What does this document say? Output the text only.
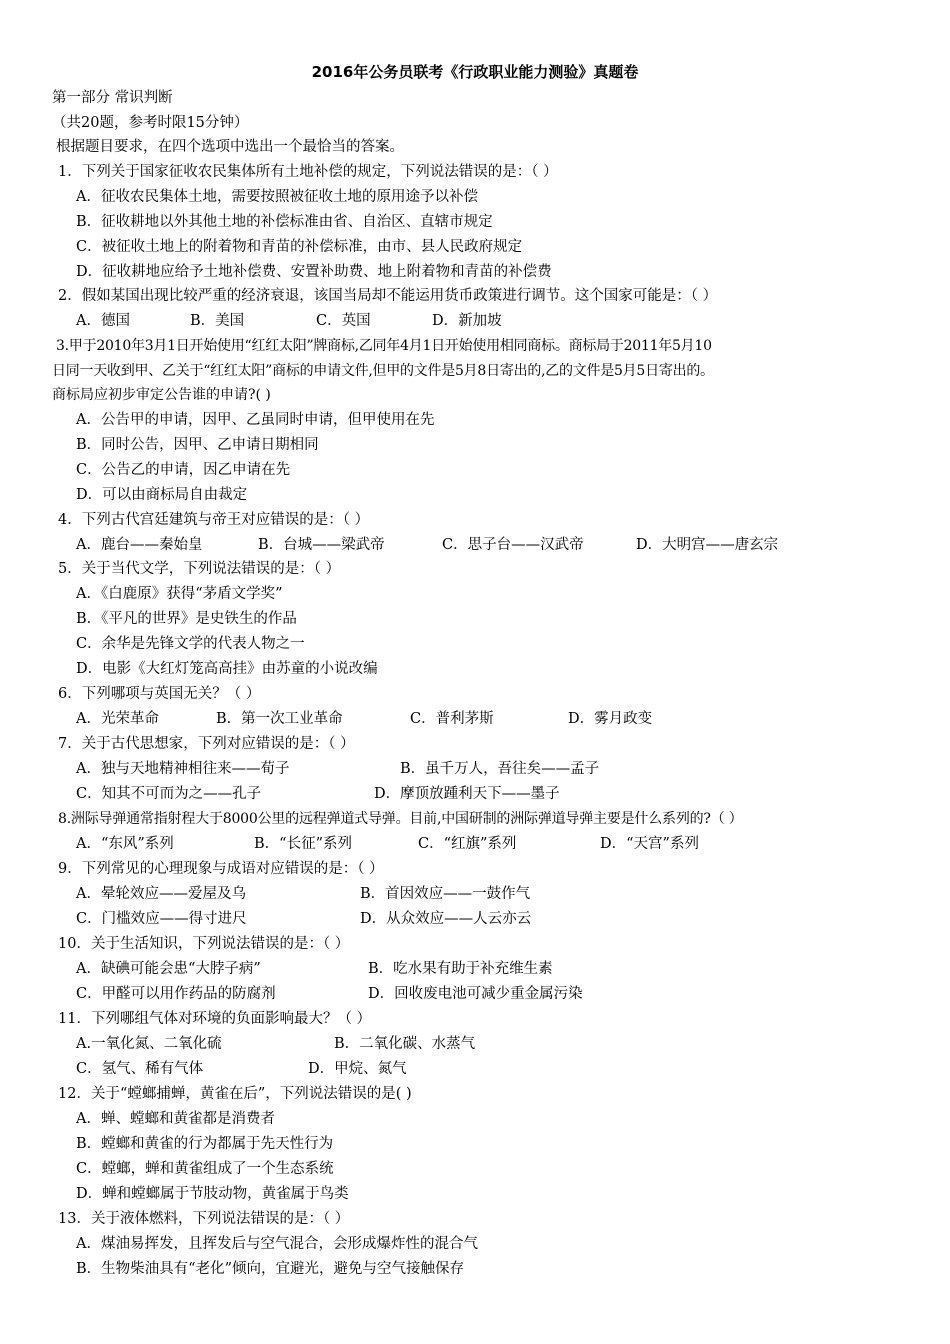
2016年公务员联考《行政职业能力测验》真题卷
第一部分 常识判断
（共20题，参考时限15分钟）
根据题目要求，在四个选项中选出一个最恰当的答案。
1．下列关于国家征收农民集体所有土地补偿的规定，下列说法错误的是：（ ）
A．征收农民集体土地，需要按照被征收土地的原用途予以补偿
B．征收耕地以外其他土地的补偿标准由省、自治区、直辖市规定
C．被征收土地上的附着物和青苗的补偿标准，由市、县人民政府规定
D．征收耕地应给予土地补偿费、安置补助费、地上附着物和青苗的补偿费
2．假如某国出现比较严重的经济衰退，该国当局却不能运用货币政策进行调节。这个国家可能是：（ ）
A．德国	B．美国	C．英国	D．新加坡
3.甲于2010年3月1日开始使用“红红太阳”牌商标,乙同年4月1日开始使用相同商标。商标局于2011年5月10
日同一天收到甲、乙关于“红红太阳”商标的申请文件,但甲的文件是5月8日寄出的,乙的文件是5月5日寄出的。
商标局应初步审定公告谁的申请?( )
A．公告甲的申请，因甲、乙虽同时申请，但甲使用在先
B．同时公告，因甲、乙申请日期相同
C．公告乙的申请，因乙申请在先
D．可以由商标局自由裁定
4．下列古代宫廷建筑与帝王对应错误的是：（ ）
A．鹿台——秦始皇	B．台城——梁武帝	C．思子台——汉武帝	D．大明宫——唐玄宗
5．关于当代文学，下列说法错误的是：（ ）
A．《白鹿原》获得“茅盾文学奖”
B．《平凡的世界》是史铁生的作品
C．余华是先锋文学的代表人物之一
D．电影《大红灯笼高高挂》由苏童的小说改编
6．下列哪项与英国无关？（ ）
A．光荣革命	B．第一次工业革命	C．普利茅斯	D．雾月政变
7．关于古代思想家，下列对应错误的是：（ ）
A．独与天地精神相往来——荀子	B．虽千万人，吾往矣——孟子
C．知其不可而为之——孔子	D．摩顶放踵利天下——墨子
8.洲际导弹通常指射程大于8000公里的远程弹道式导弹。目前,中国研制的洲际弹道导弹主要是什么系列的?（ ）
A．“东风”系列	B．“长征”系列	C．“红旗”系列	D．“天宫”系列
9．下列常见的心理现象与成语对应错误的是：（ ）
A．晕轮效应——爱屋及乌	B．首因效应——一鼓作气
C．门槛效应——得寸进尺	D．从众效应——人云亦云
10．关于生活知识，下列说法错误的是：（ ）
A．缺碘可能会患“大脖子病”	B．吃水果有助于补充维生素
C．甲醛可以用作药品的防腐剂	D．回收废电池可减少重金属污染
11．下列哪组气体对环境的负面影响最大？（ ）
A.一氧化氮、二氧化硫	B．二氧化碳、水蒸气
C．氢气、稀有气体	D．甲烷、氮气
12．关于“螳螂捕蝉，黄雀在后”，下列说法错误的是( )
A．蝉、螳螂和黄雀都是消费者
B．螳螂和黄雀的行为都属于先天性行为
C．螳螂，蝉和黄雀组成了一个生态系统
D．蝉和螳螂属于节肢动物，黄雀属于鸟类
13．关于液体燃料，下列说法错误的是：（ ）
A．煤油易挥发，且挥发后与空气混合，会形成爆炸性的混合气
B．生物柴油具有“老化”倾向，宜避光，避免与空气接触保存
